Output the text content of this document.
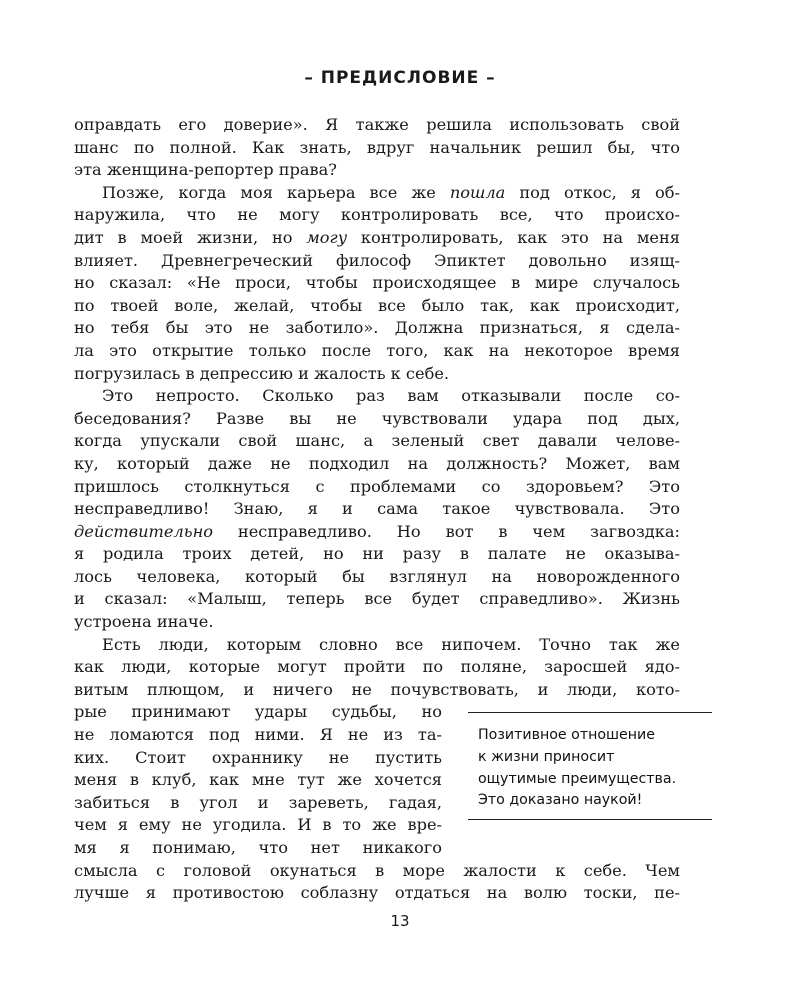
– ПРЕДИСЛОВИЕ –
оправдать его доверие». Я также решила использовать свой
шанс по полной. Как знать, вдруг начальник решил бы, что
эта женщина-репортер права?
Позже, когда моя карьера все же пошла под откос, я об-
наружила, что не могу контролировать все, что происхо-
дит в моей жизни, но могу контролировать, как это на меня
влияет. Древнегреческий философ Эпиктет довольно изящ-
но сказал: «Не проси, чтобы происходящее в мире случалось
по твоей воле, желай, чтобы все было так, как происходит,
но тебя бы это не заботило». Должна признаться, я сдела-
ла это открытие только после того, как на некоторое время
погрузилась в депрессию и жалость к себе.
Это непросто. Сколько раз вам отказывали после со-
беседования? Разве вы не чувствовали удара под дых,
когда упускали свой шанс, а зеленый свет давали челове-
ку, который даже не подходил на должность? Может, вам
пришлось столкнуться с проблемами со здоровьем? Это
несправедливо! Знаю, я и сама такое чувствовала. Это
действительно несправедливо. Но вот в чем загвоздка:
я родила троих детей, но ни разу в палате не оказыва-
лось человека, который бы взглянул на новорожденного
и сказал: «Малыш, теперь все будет справедливо». Жизнь
устроена иначе.
Есть люди, которым словно все нипочем. Точно так же
как люди, которые могут пройти по поляне, заросшей ядо-
витым плющом, и ничего не почувствовать, и люди, кото-
рые принимают удары судьбы, но
не ломаются под ними. Я не из та-
ких. Стоит охраннику не пустить
меня в клуб, как мне тут же хочется
забиться в угол и зареветь, гадая,
чем я ему не угодила. И в то же вре-
мя я понимаю, что нет никакого
смысла с головой окунаться в море жалости к себе. Чем
лучше я противостою соблазну отдаться на волю тоски, пе-
Позитивное отношение
к жизни приносит
ощутимые преимущества.
Это доказано наукой!
13
